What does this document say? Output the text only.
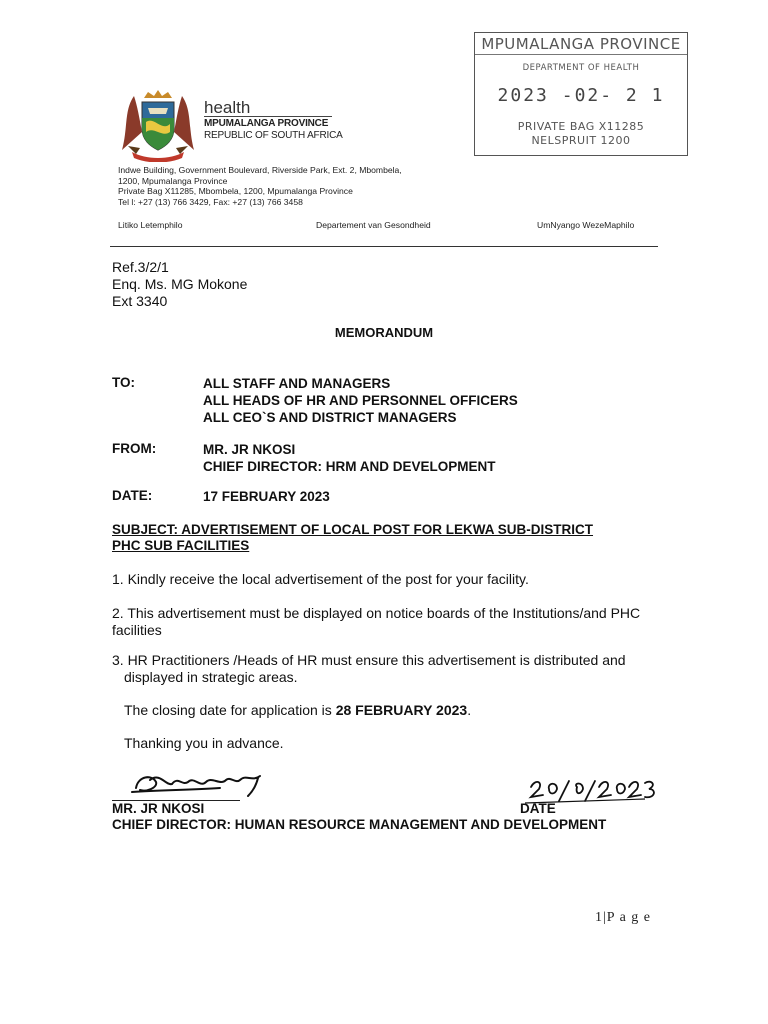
MPUMALANGA PROVINCE
DEPARTMENT OF HEALTH
2023 -02- 2 1
PRIVATE BAG X11285
NELSPRUIT 1200
health
MPUMALANGA PROVINCE
REPUBLIC OF SOUTH AFRICA
Indwe Building, Government Boulevard, Riverside Park, Ext. 2, Mbombela,
1200, Mpumalanga Province
Private Bag X11285, Mbombela, 1200, Mpumalanga Province
Tel l: +27 (13) 766 3429, Fax: +27 (13) 766 3458
Litiko Letemphilo	Departement van Gesondheid	UmNyango WezeMaphilo
Ref.3/2/1
Enq. Ms. MG Mokone
Ext 3340
MEMORANDUM
TO:	ALL STAFF AND MANAGERS
ALL HEADS OF HR AND PERSONNEL OFFICERS
ALL CEO`S AND DISTRICT MANAGERS
FROM:	MR. JR NKOSI
CHIEF DIRECTOR: HRM AND DEVELOPMENT
DATE:	17 FEBRUARY 2023
SUBJECT: ADVERTISEMENT OF LOCAL POST FOR LEKWA SUB-DISTRICT
PHC SUB FACILITIES
1. Kindly receive the local advertisement of the post for your facility.
2. This advertisement must be displayed on notice boards of the Institutions/and PHC
facilities
3. HR Practitioners /Heads of HR must ensure this advertisement is distributed and
displayed in strategic areas.
The closing date for application is 28 FEBRUARY 2023.
Thanking you in advance.
MR. JR NKOSI	DATE
CHIEF DIRECTOR: HUMAN RESOURCE MANAGEMENT AND DEVELOPMENT
1|P a g e
